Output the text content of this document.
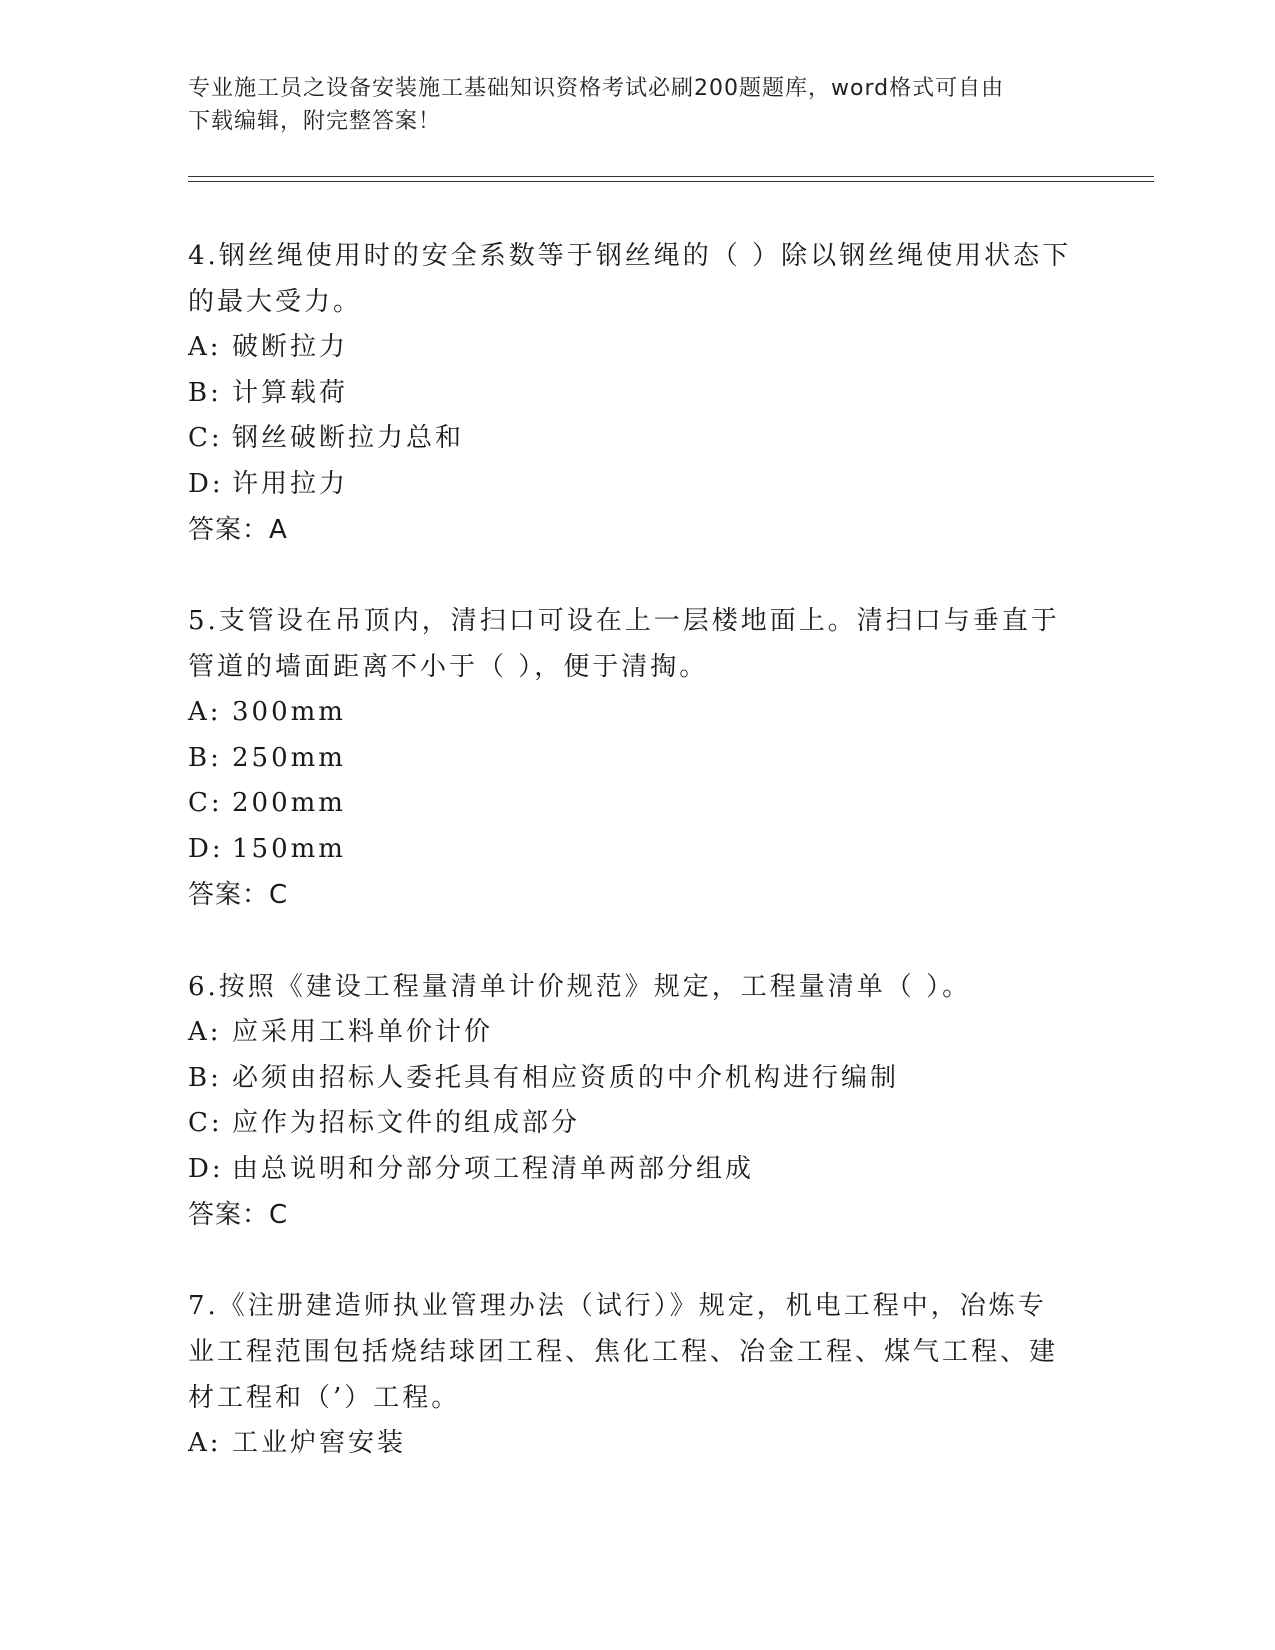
专业施工员之设备安装施工基础知识资格考试必刷200题题库，word格式可自由
下载编辑，附完整答案！

4.钢丝绳使用时的安全系数等于钢丝绳的（ ）除以钢丝绳使用状态下

的最大受力。

A: 破断拉力

B: 计算载荷

C: 钢丝破断拉力总和

D: 许用拉力

答案：A

5.支管设在吊顶内，清扫口可设在上一层楼地面上。清扫口与垂直于

管道的墙面距离不小于（ ），便于清掏。

A: 300mm

B: 250mm

C: 200mm

D: 150mm

答案：C

6.按照《建设工程量清单计价规范》规定，工程量清单（ ）。

A: 应采用工料单价计价

B: 必须由招标人委托具有相应资质的中介机构进行编制

C: 应作为招标文件的组成部分

D: 由总说明和分部分项工程清单两部分组成

答案：C

7.《注册建造师执业管理办法（试行）》规定，机电工程中，冶炼专

业工程范围包括烧结球团工程、焦化工程、冶金工程、煤气工程、建

材工程和（’）工程。

A: 工业炉窖安装
